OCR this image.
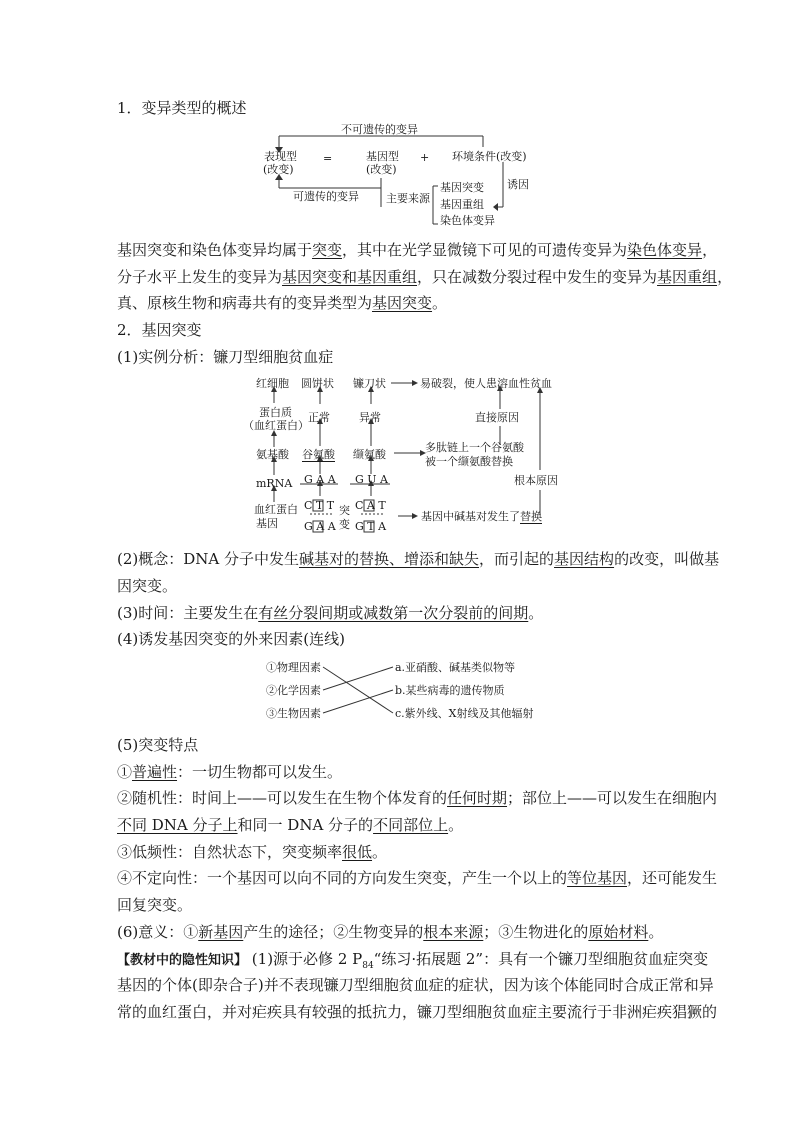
1．变异类型的概述
不可遗传的变异
表现型
(改变)
=	基因型
(改变)
+ 环境条件(改变)
可遗传的变异 主要来源
基因突变
基因重组
染色体变异
诱因
基因突变和染色体变异均属于突变，其中在光学显微镜下可见的可遗传变异为染色体变异，
分子水平上发生的变异为基因突变和基因重组，只在减数分裂过程中发生的变异为基因重组，
真、原核生物和病毒共有的变异类型为基因突变。
2．基因突变
(1)实例分析：镰刀型细胞贫血症
红细胞 圆饼状 镰刀状	易破裂，使人患溶血性贫血
蛋白质
（血红蛋白）
正常	异常	直接原因
氨基酸 谷氨酸 缬氨酸
多肽链上一个谷氨酸
被一个缬氨酸替换
根本原因
mRNA G A A G U A
血红蛋白
基因
C T T
G A A
C A T
G T A
突
变
基因中碱基对发生了替换
(2)概念：DNA 分子中发生碱基对的替换、增添和缺失，而引起的基因结构的改变，叫做基
因突变。
(3)时间：主要发生在有丝分裂间期或减数第一次分裂前的间期。
(4)诱发基因突变的外来因素(连线)
①物理因素
②化学因素
③生物因素
a.亚硝酸、碱基类似物等
b.某些病毒的遗传物质
c.紫外线、X射线及其他辐射
(5)突变特点
①普遍性：一切生物都可以发生。
②随机性：时间上——可以发生在生物个体发育的任何时期；部位上——可以发生在细胞内
不同 DNA 分子上和同一 DNA 分子的不同部位上。
③低频性：自然状态下，突变频率很低。
④不定向性：一个基因可以向不同的方向发生突变，产生一个以上的等位基因，还可能发生
回复突变。
(6)意义：①新基因产生的途径；②生物变异的根本来源；③生物进化的原始材料。
【教材中的隐性知识】 (1)源于必修 2 $P_{84}“$练习·拓展题 2”：具有一个镰刀型细胞贫血症突变
基因的个体(即杂合子)并不表现镰刀型细胞贫血症的症状，因为该个体能同时合成正常和异
常的血红蛋白，并对疟疾具有较强的抵抗力，镰刀型细胞贫血症主要流行于非洲疟疾猖獗的
